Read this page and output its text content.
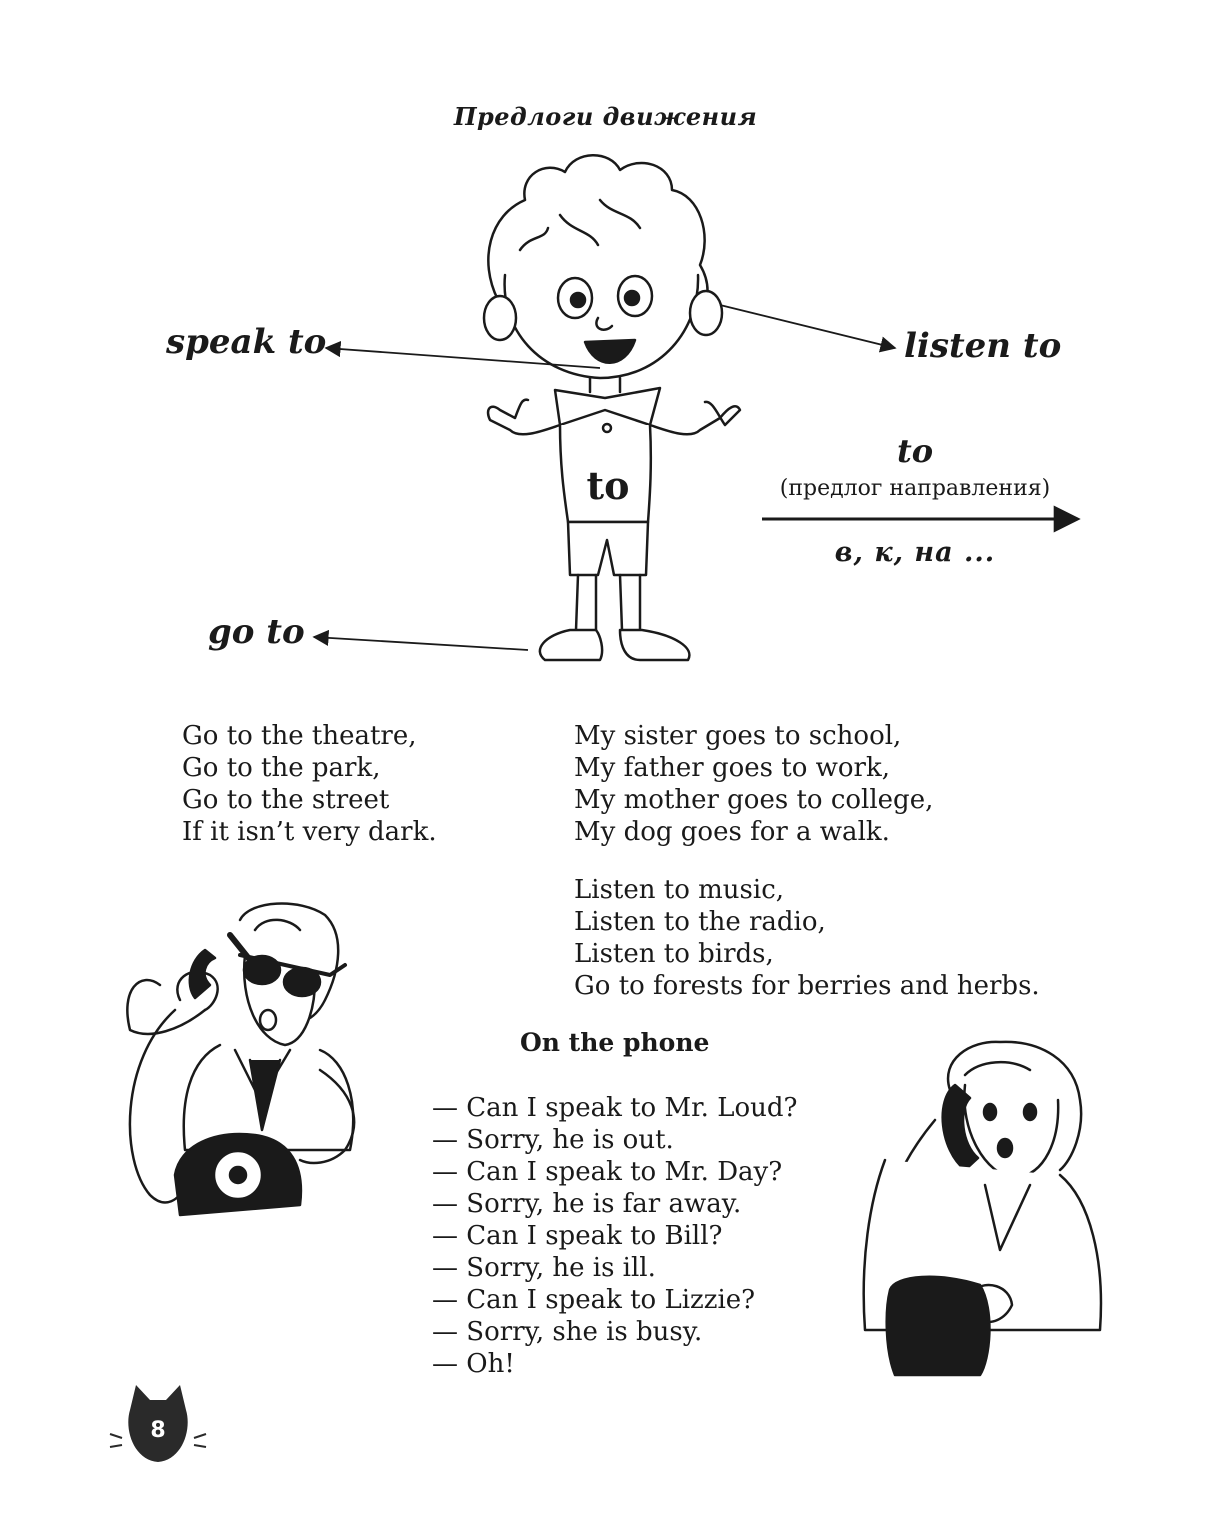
Предлоги движения
speak to	listen to
go to
to
to
(предлог направления)
в, к, на ...
Go to the theatre,
Go to the park,
Go to the street
If it isn’t very dark.
My sister goes to school,
My father goes to work,
My mother goes to college,
My dog goes for a walk.
Listen to music,
Listen to the radio,
Listen to birds,
Go to forests for berries and herbs.
On the phone
— Can I speak to Mr. Loud?
— Sorry, he is out.
— Can I speak to Mr. Day?
— Sorry, he is far away.
— Can I speak to Bill?
— Sorry, he is ill.
— Can I speak to Lizzie?
— Sorry, she is busy.
— Oh!
8
